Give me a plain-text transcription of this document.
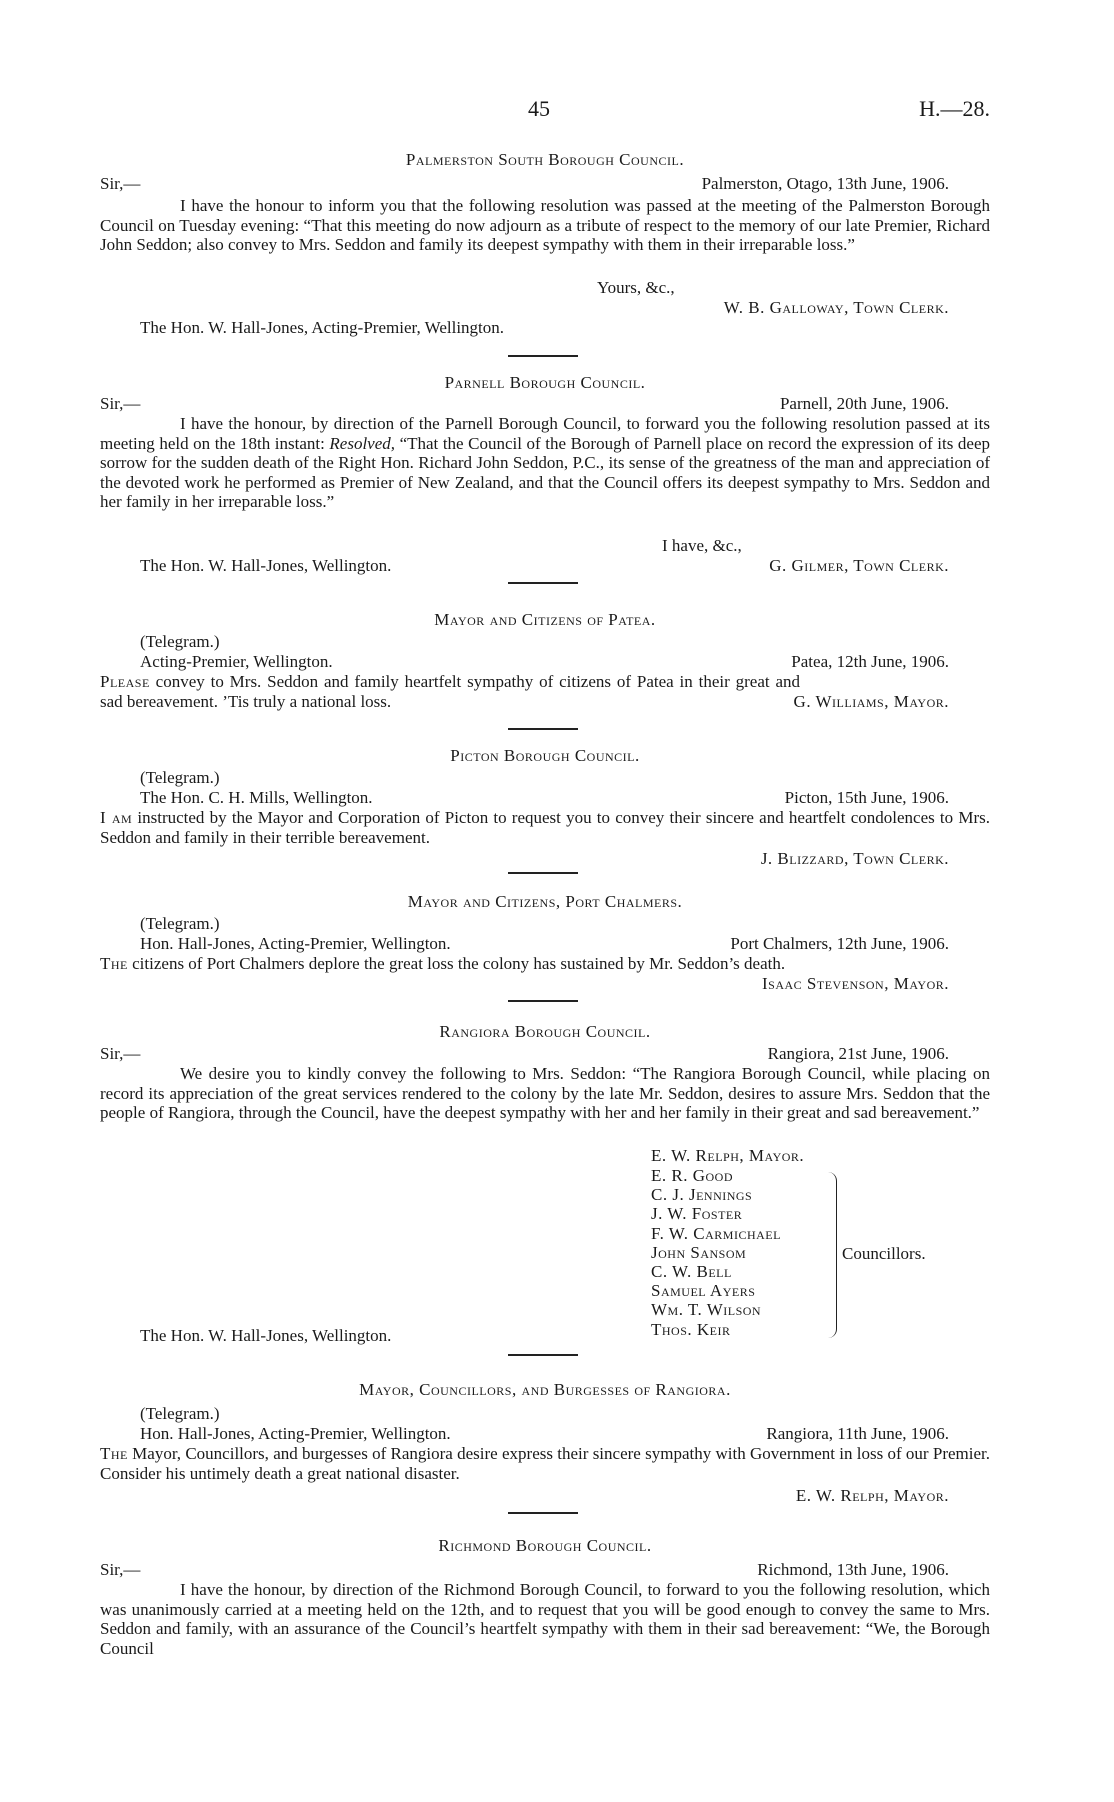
45	H.—28.
Palmerston South Borough Council.
Sir,—	Palmerston, Otago, 13th June, 1906.
I have the honour to inform you that the following resolution was passed at the meeting of the Palmerston Borough Council on Tuesday evening: “That this meeting do now adjourn as a tribute of respect to the memory of our late Premier, Richard John Seddon; also convey to Mrs. Seddon and family its deepest sympathy with them in their irreparable loss.”
Yours, &c.,
W. B. Galloway, Town Clerk.
The Hon. W. Hall-Jones, Acting-Premier, Wellington.
Parnell Borough Council.
Sir,—	Parnell, 20th June, 1906.
I have the honour, by direction of the Parnell Borough Council, to forward you the following resolution passed at its meeting held on the 18th instant: Resolved, “That the Council of the Borough of Parnell place on record the expression of its deep sorrow for the sudden death of the Right Hon. Richard John Seddon, P.C., its sense of the greatness of the man and appreciation of the devoted work he performed as Premier of New Zealand, and that the Council offers its deepest sympathy to Mrs. Seddon and her family in her irreparable loss.”
I have, &c.,
The Hon. W. Hall-Jones, Wellington.	G. Gilmer, Town Clerk.
Mayor and Citizens of Patea.
(Telegram.)
Acting-Premier, Wellington.	Patea, 12th June, 1906.
Please convey to Mrs. Seddon and family heartfelt sympathy of citizens of Patea in their great and sad bereavement. ’Tis truly a national loss.	G. Williams, Mayor.
Picton Borough Council.
(Telegram.)
The Hon. C. H. Mills, Wellington.	Picton, 15th June, 1906.
I am instructed by the Mayor and Corporation of Picton to request you to convey their sincere and heartfelt condolences to Mrs. Seddon and family in their terrible bereavement.
J. Blizzard, Town Clerk.
Mayor and Citizens, Port Chalmers.
(Telegram.)
Hon. Hall-Jones, Acting-Premier, Wellington.	Port Chalmers, 12th June, 1906.
The citizens of Port Chalmers deplore the great loss the colony has sustained by Mr. Seddon’s death.
Isaac Stevenson, Mayor.
Rangiora Borough Council.
Sir,—	Rangiora, 21st June, 1906.
We desire you to kindly convey the following to Mrs. Seddon: “The Rangiora Borough Council, while placing on record its appreciation of the great services rendered to the colony by the late Mr. Seddon, desires to assure Mrs. Seddon that the people of Rangiora, through the Council, have the deepest sympathy with her and her family in their great and sad bereavement.”
E. W. Relph, Mayor.
E. R. Good
C. J. Jennings
J. W. Foster
F. W. Carmichael
John Sansom
C. W. Bell
Samuel Ayers
Wm. T. Wilson
Thos. Keir
Councillors.
The Hon. W. Hall-Jones, Wellington.
Mayor, Councillors, and Burgesses of Rangiora.
(Telegram.)
Hon. Hall-Jones, Acting-Premier, Wellington.	Rangiora, 11th June, 1906.
The Mayor, Councillors, and burgesses of Rangiora desire express their sincere sympathy with Government in loss of our Premier. Consider his untimely death a great national disaster.
E. W. Relph, Mayor.
Richmond Borough Council.
Sir,—	Richmond, 13th June, 1906.
I have the honour, by direction of the Richmond Borough Council, to forward to you the following resolution, which was unanimously carried at a meeting held on the 12th, and to request that you will be good enough to convey the same to Mrs. Seddon and family, with an assurance of the Council’s heartfelt sympathy with them in their sad bereavement: “We, the Borough Council
